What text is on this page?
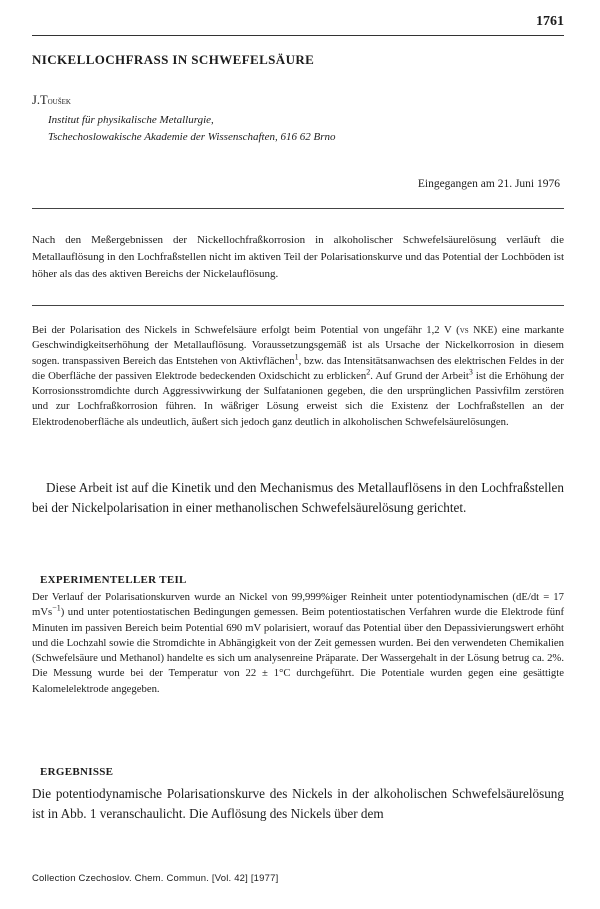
1761
NICKELLOCHFRASS IN SCHWEFELSÄURE
J.Toušek
Institut für physikalische Metallurgie,
Tschechoslowakische Akademie der Wissenschaften, 616 62 Brno
Eingegangen am 21. Juni 1976
Nach den Meßergebnissen der Nickellochfraßkorrosion in alkoholischer Schwefelsäurelösung verläuft die Metallauflösung in den Lochfraßstellen nicht im aktiven Teil der Polarisationskurve und das Potential der Lochböden ist höher als das des aktiven Bereichs der Nickelauflösung.

Bei der Polarisation des Nickels in Schwefelsäure erfolgt beim Potential von ungefähr 1,2 V (vs NKE) eine markante Geschwindigkeitserhöhung der Metallauflösung. Voraussetzungsgemäß ist als Ursache der Nickelkorrosion in diesem sogen. transpassiven Bereich das Entstehen von Aktivflächen$^1$, bzw. das Intensitätsanwachsen des elektrischen Feldes in der die Oberfläche der passiven Elektrode bedeckenden Oxidschicht zu erblicken$^2$. Auf Grund der Arbeit$^3$ ist die Erhöhung der Korrosionsstromdichte durch Aggressivwirkung der Sulfatanionen gegeben, die den ursprünglichen Passivfilm zerstören und zur Lochfraßkorrosion führen. In wäßriger Lösung erweist sich die Existenz der Lochfraßstellen an der Elektrodenoberfläche als undeutlich, äußert sich jedoch ganz deutlich in alkoholischen Schwefelsäurelösungen.

Diese Arbeit ist auf die Kinetik und den Mechanismus des Metallauflösens in den Lochfraßstellen bei der Nickelpolarisation in einer methanolischen Schwefelsäurelösung gerichtet.

EXPERIMENTELLER TEIL

Der Verlauf der Polarisationskurven wurde an Nickel von 99,999%iger Reinheit unter potentiodynamischen (dE/dt = 17 mVs$^{-1}$) und unter potentiostatischen Bedingungen gemessen. Beim potentiostatischen Verfahren wurde die Elektrode fünf Minuten im passiven Bereich beim Potential 690 mV polarisiert, worauf das Potential über den Depassivierungswert erhöht und die Lochzahl sowie die Stromdichte in Abhängigkeit von der Zeit gemessen wurden. Bei den verwendeten Chemikalien (Schwefelsäure und Methanol) handelte es sich um analysenreine Präparate. Der Wassergehalt in der Lösung betrug ca. 2%. Die Messung wurde bei der Temperatur von 22 ± 1°C durchgeführt. Die Potentiale wurden gegen eine gesättigte Kalomelelektrode angegeben.

ERGEBNISSE

Die potentiodynamische Polarisationskurve des Nickels in der alkoholischen Schwefelsäurelösung ist in Abb. 1 veranschaulicht. Die Auflösung des Nickels über dem

Collection Czechoslov. Chem. Commun. [Vol. 42] [1977]
